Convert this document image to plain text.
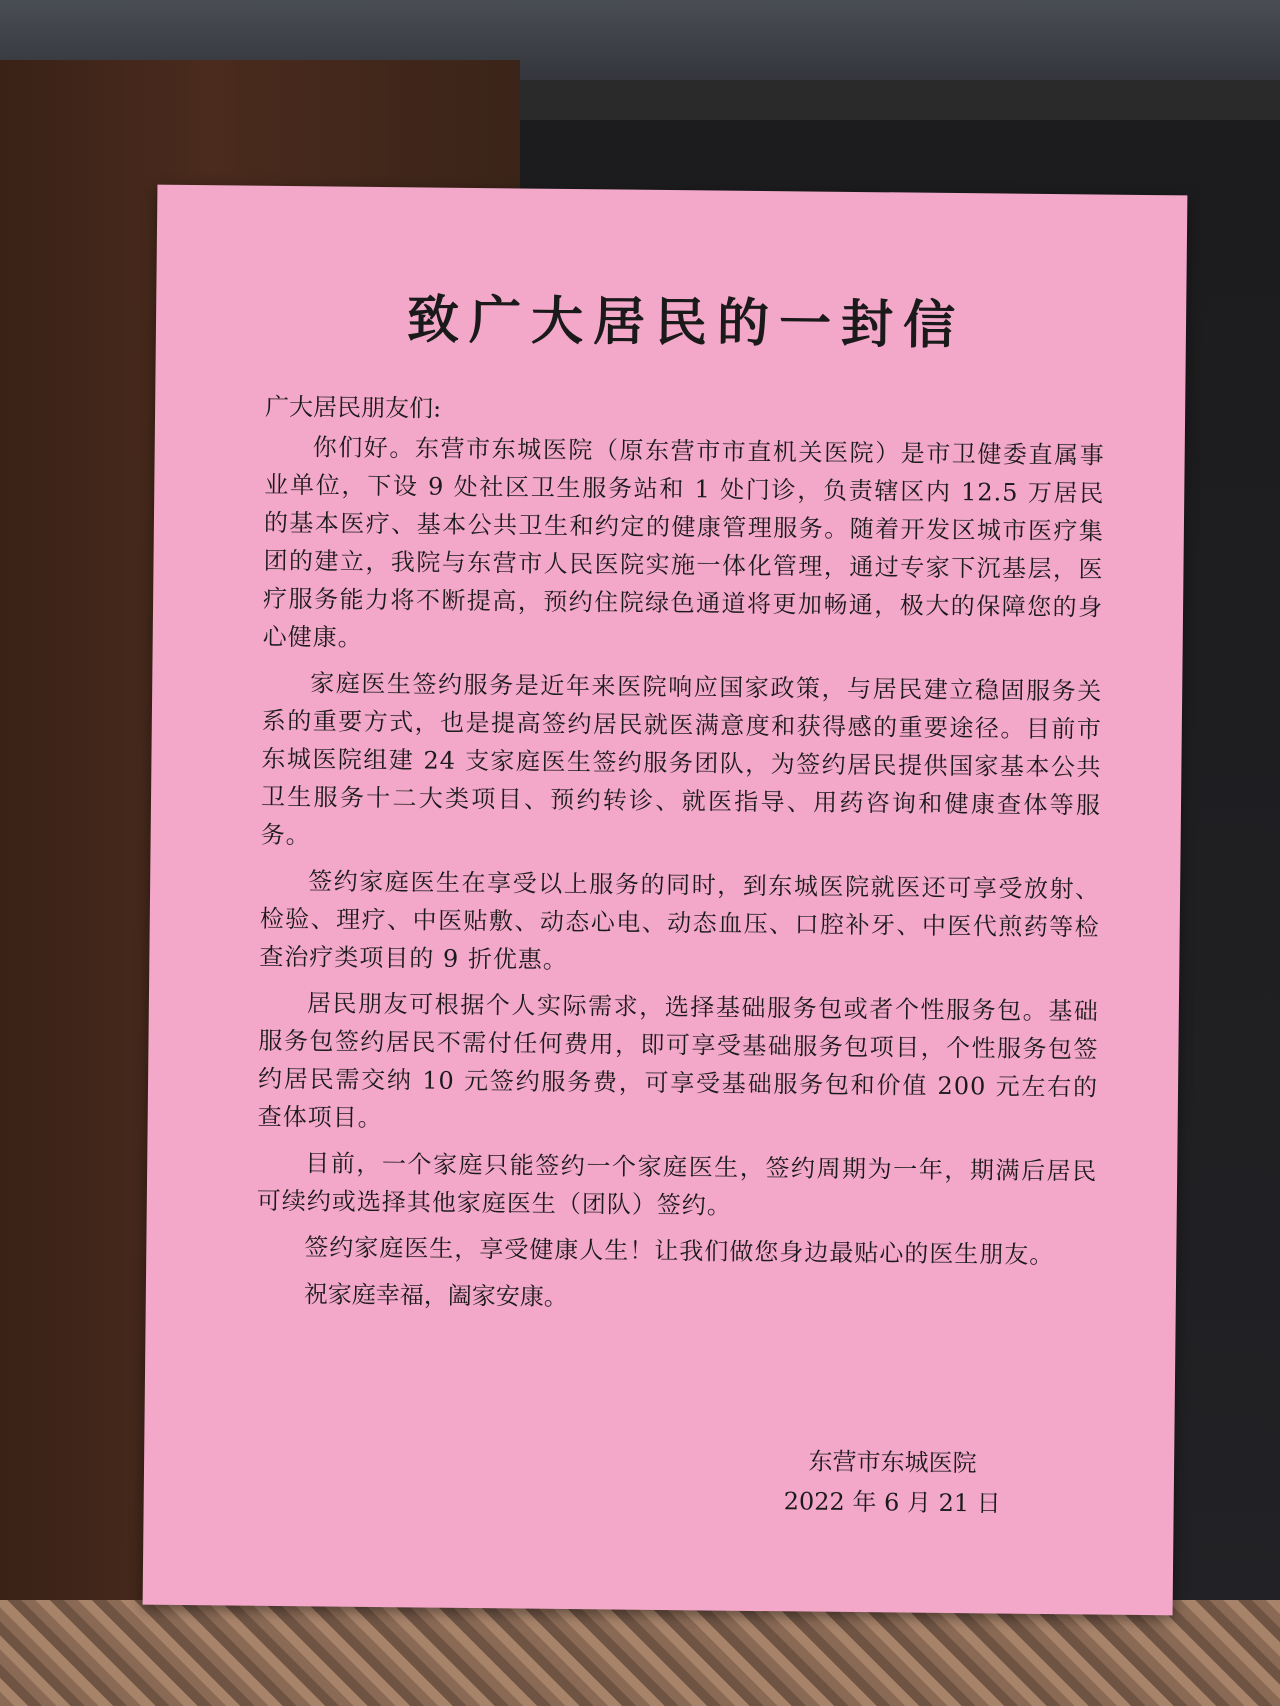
致广大居民的一封信
广大居民朋友们:

你们好。东营市东城医院（原东营市市直机关医院）是市卫健委直属事业单位，下设 9 处社区卫生服务站和 1 处门诊，负责辖区内 12.5 万居民的基本医疗、基本公共卫生和约定的健康管理服务。随着开发区城市医疗集团的建立，我院与东营市人民医院实施一体化管理，通过专家下沉基层，医疗服务能力将不断提高，预约住院绿色通道将更加畅通，极大的保障您的身心健康。

家庭医生签约服务是近年来医院响应国家政策，与居民建立稳固服务关系的重要方式，也是提高签约居民就医满意度和获得感的重要途径。目前市东城医院组建 24 支家庭医生签约服务团队，为签约居民提供国家基本公共卫生服务十二大类项目、预约转诊、就医指导、用药咨询和健康查体等服务。

签约家庭医生在享受以上服务的同时，到东城医院就医还可享受放射、检验、理疗、中医贴敷、动态心电、动态血压、口腔补牙、中医代煎药等检查治疗类项目的 9 折优惠。

居民朋友可根据个人实际需求，选择基础服务包或者个性服务包。基础服务包签约居民不需付任何费用，即可享受基础服务包项目，个性服务包签约居民需交纳 10 元签约服务费，可享受基础服务包和价值 200 元左右的查体项目。

目前，一个家庭只能签约一个家庭医生，签约周期为一年，期满后居民可续约或选择其他家庭医生（团队）签约。

签约家庭医生，享受健康人生！让我们做您身边最贴心的医生朋友。

祝家庭幸福，阖家安康。
东营市东城医院
2022 年 6 月 21 日
